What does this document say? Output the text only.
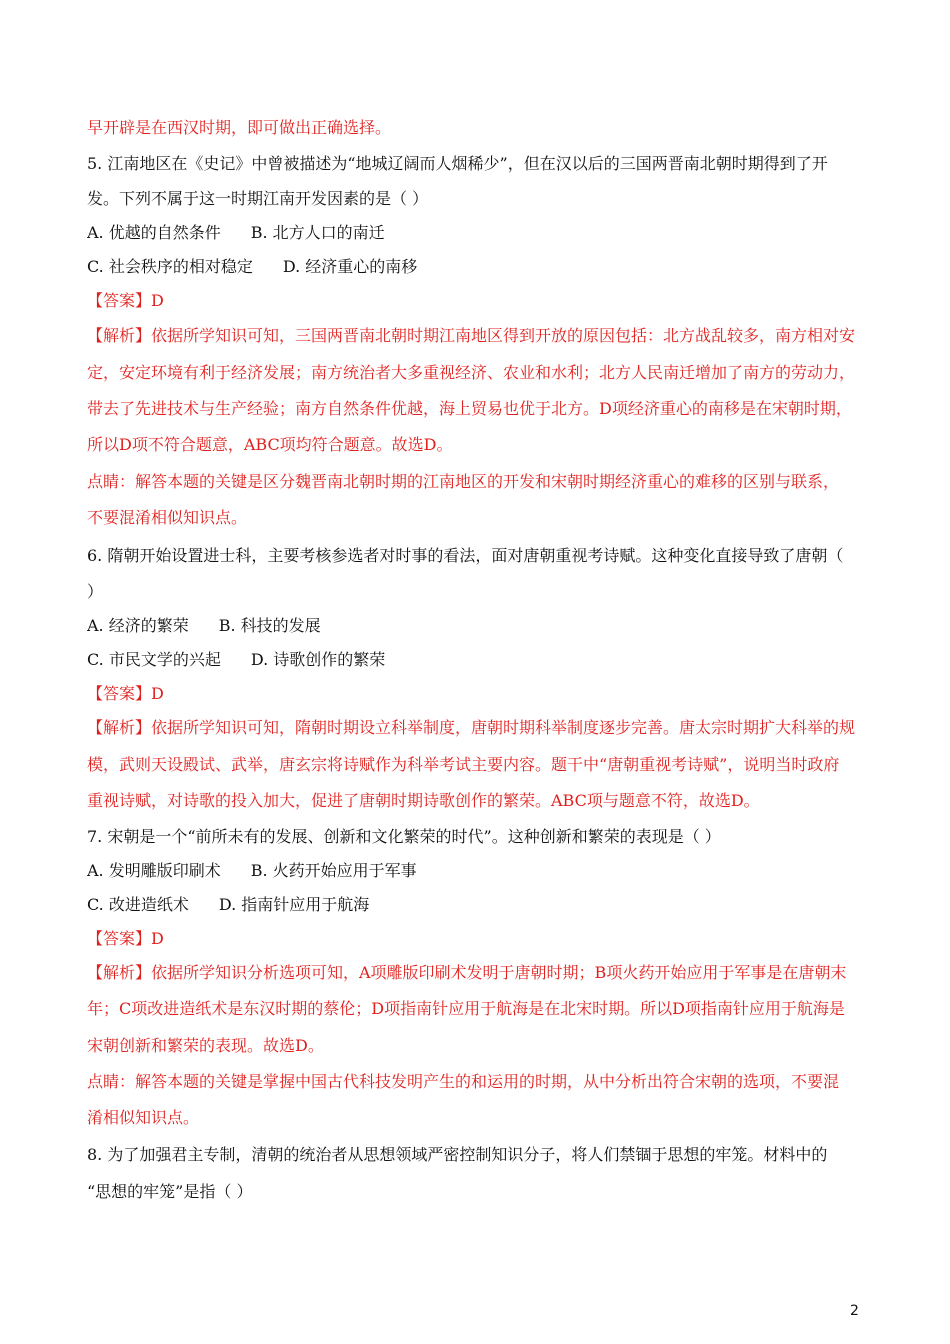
早开辟是在西汉时期，即可做出正确选择。
5. 江南地区在《史记》中曾被描述为“地城辽阔而人烟稀少”，但在汉以后的三国两晋南北朝时期得到了开
发。下列不属于这一时期江南开发因素的是（ ）
A. 优越的自然条件 B. 北方人口的南迁
C. 社会秩序的相对稳定 D. 经济重心的南移
【答案】D
【解析】依据所学知识可知，三国两晋南北朝时期江南地区得到开放的原因包括：北方战乱较多，南方相对安
定，安定环境有利于经济发展；南方统治者大多重视经济、农业和水利；北方人民南迁增加了南方的劳动力，
带去了先进技术与生产经验；南方自然条件优越，海上贸易也优于北方。D项经济重心的南移是在宋朝时期，
所以D项不符合题意，ABC项均符合题意。故选D。
点睛：解答本题的关键是区分魏晋南北朝时期的江南地区的开发和宋朝时期经济重心的难移的区别与联系，
不要混淆相似知识点。
6. 隋朝开始设置进士科，主要考核参选者对时事的看法，面对唐朝重视考诗赋。这种变化直接导致了唐朝（
）
A. 经济的繁荣 B. 科技的发展
C. 市民文学的兴起 D. 诗歌创作的繁荣
【答案】D
【解析】依据所学知识可知，隋朝时期设立科举制度，唐朝时期科举制度逐步完善。唐太宗时期扩大科举的规
模，武则天设殿试、武举，唐玄宗将诗赋作为科举考试主要内容。题干中“唐朝重视考诗赋”，说明当时政府
重视诗赋，对诗歌的投入加大，促进了唐朝时期诗歌创作的繁荣。ABC项与题意不符，故选D。
7. 宋朝是一个“前所未有的发展、创新和文化繁荣的时代”。这种创新和繁荣的表现是（ ）
A. 发明雕版印刷术 B. 火药开始应用于军事
C. 改进造纸术 D. 指南针应用于航海
【答案】D
【解析】依据所学知识分析选项可知，A项雕版印刷术发明于唐朝时期；B项火药开始应用于军事是在唐朝末
年；C项改进造纸术是东汉时期的蔡伦；D项指南针应用于航海是在北宋时期。所以D项指南针应用于航海是
宋朝创新和繁荣的表现。故选D。
点睛：解答本题的关键是掌握中国古代科技发明产生的和运用的时期，从中分析出符合宋朝的选项，不要混
淆相似知识点。
8. 为了加强君主专制，清朝的统治者从思想领域严密控制知识分子，将人们禁锢于思想的牢笼。材料中的
“思想的牢笼”是指（ ）
2
